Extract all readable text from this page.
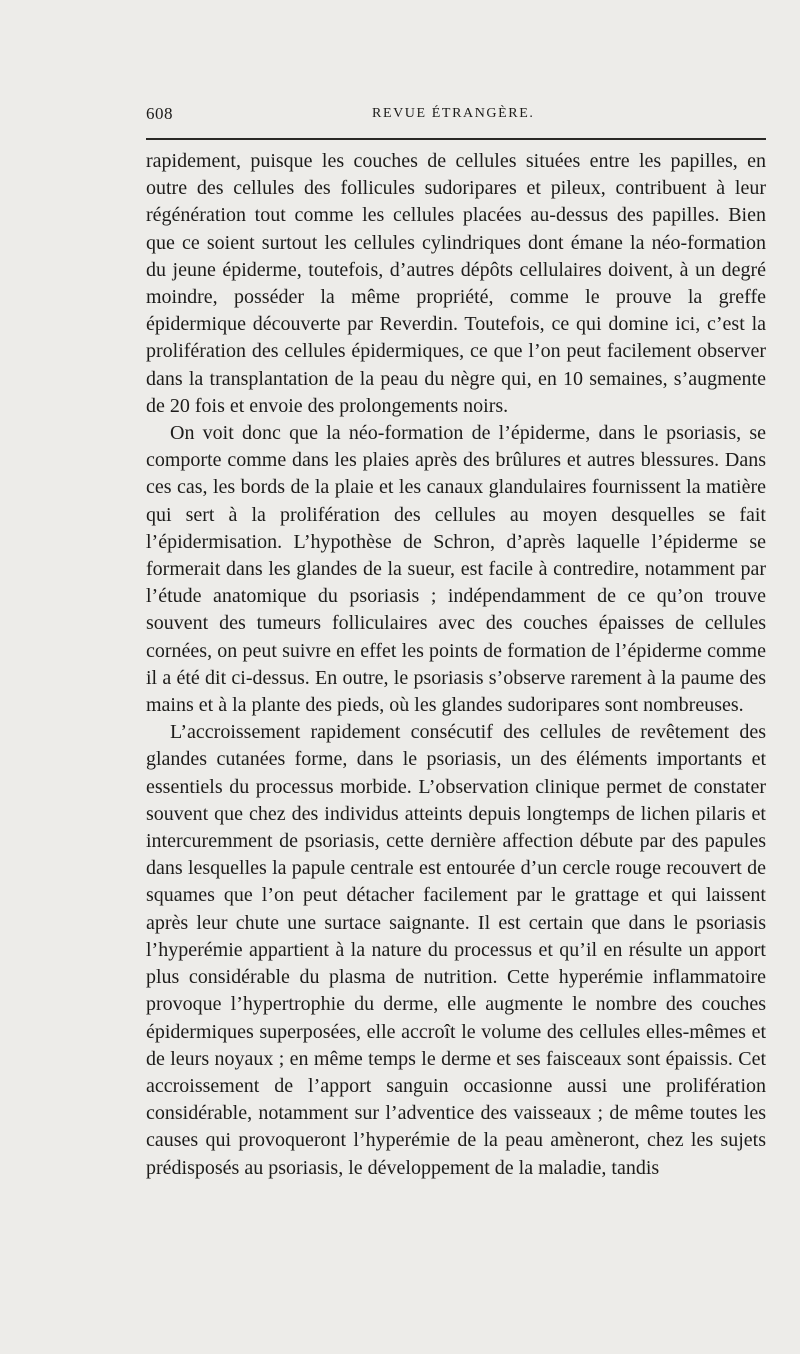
608	REVUE ÉTRANGÈRE.

rapidement, puisque les couches de cellules situées entre les papilles, en outre des cellules des follicules sudoripares et pileux, contribuent à leur régénération tout comme les cellules placées au-dessus des papilles. Bien que ce soient surtout les cellules cylindriques dont émane la néo-formation du jeune épiderme, toutefois, d’autres dépôts cellulaires doivent, à un degré moindre, posséder la même propriété, comme le prouve la greffe épidermique découverte par Reverdin. Toutefois, ce qui domine ici, c’est la prolifération des cellules épidermiques, ce que l’on peut facilement observer dans la transplantation de la peau du nègre qui, en 10 semaines, s’augmente de 20 fois et envoie des prolongements noirs.

On voit donc que la néo-formation de l’épiderme, dans le psoriasis, se comporte comme dans les plaies après des brûlures et autres blessures. Dans ces cas, les bords de la plaie et les canaux glandulaires fournissent la matière qui sert à la prolifération des cellules au moyen desquelles se fait l’épidermisation. L’hypothèse de Schron, d’après laquelle l’épiderme se formerait dans les glandes de la sueur, est facile à contredire, notamment par l’étude anatomique du psoriasis ; indépendamment de ce qu’on trouve souvent des tumeurs folliculaires avec des couches épaisses de cellules cornées, on peut suivre en effet les points de formation de l’épiderme comme il a été dit ci-dessus. En outre, le psoriasis s’observe rarement à la paume des mains et à la plante des pieds, où les glandes sudoripares sont nombreuses.

L’accroissement rapidement consécutif des cellules de revêtement des glandes cutanées forme, dans le psoriasis, un des éléments importants et essentiels du processus morbide. L’observation clinique permet de constater souvent que chez des individus atteints depuis longtemps de lichen pilaris et intercuremment de psoriasis, cette dernière affection débute par des papules dans lesquelles la papule centrale est entourée d’un cercle rouge recouvert de squames que l’on peut détacher facilement par le grattage et qui laissent après leur chute une surtace saignante. Il est certain que dans le psoriasis l’hyperémie appartient à la nature du processus et qu’il en résulte un apport plus considérable du plasma de nutrition. Cette hyperémie inflammatoire provoque l’hypertrophie du derme, elle augmente le nombre des couches épidermiques superposées, elle accroît le volume des cellules elles-mêmes et de leurs noyaux ; en même temps le derme et ses faisceaux sont épaissis. Cet accroissement de l’apport sanguin occasionne aussi une prolifération considérable, notamment sur l’adventice des vaisseaux ; de même toutes les causes qui provoqueront l’hyperémie de la peau amèneront, chez les sujets prédisposés au psoriasis, le développement de la maladie, tandis
